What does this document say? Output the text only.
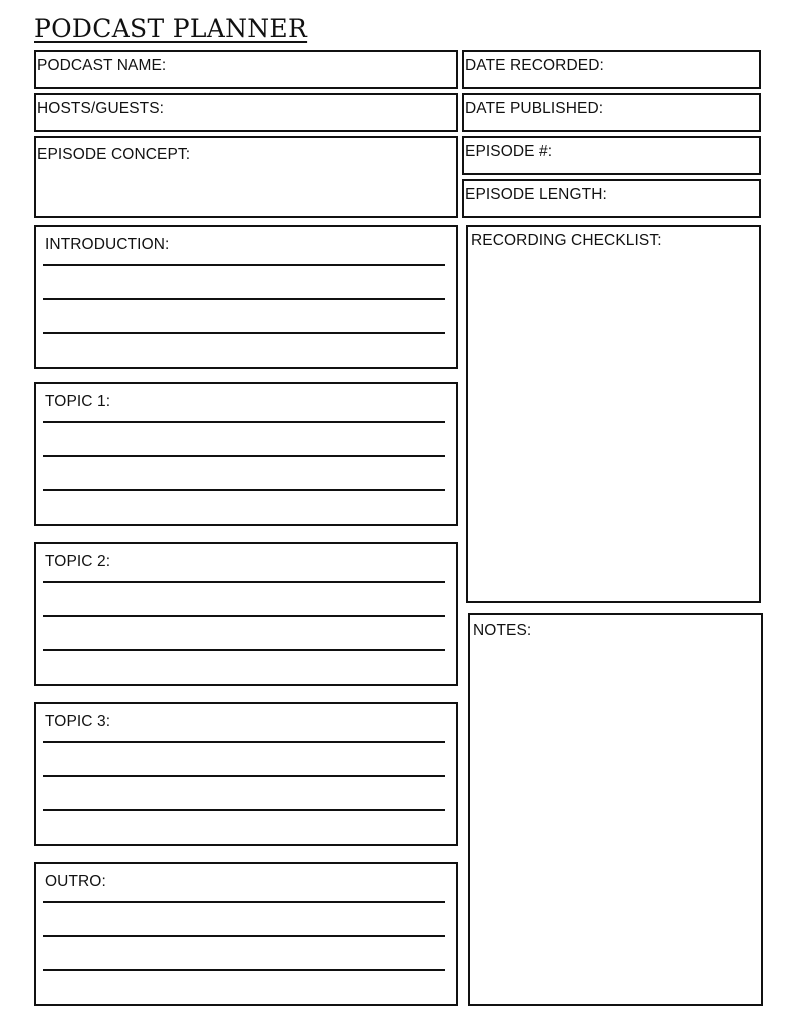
PODCAST PLANNER
PODCAST NAME:	DATE RECORDED:
HOSTS/GUESTS:	DATE PUBLISHED:
EPISODE CONCEPT:	EPISODE #:
EPISODE LENGTH:
INTRODUCTION:
TOPIC 1:
TOPIC 2:
TOPIC 3:
OUTRO:
RECORDING CHECKLIST:
NOTES:
